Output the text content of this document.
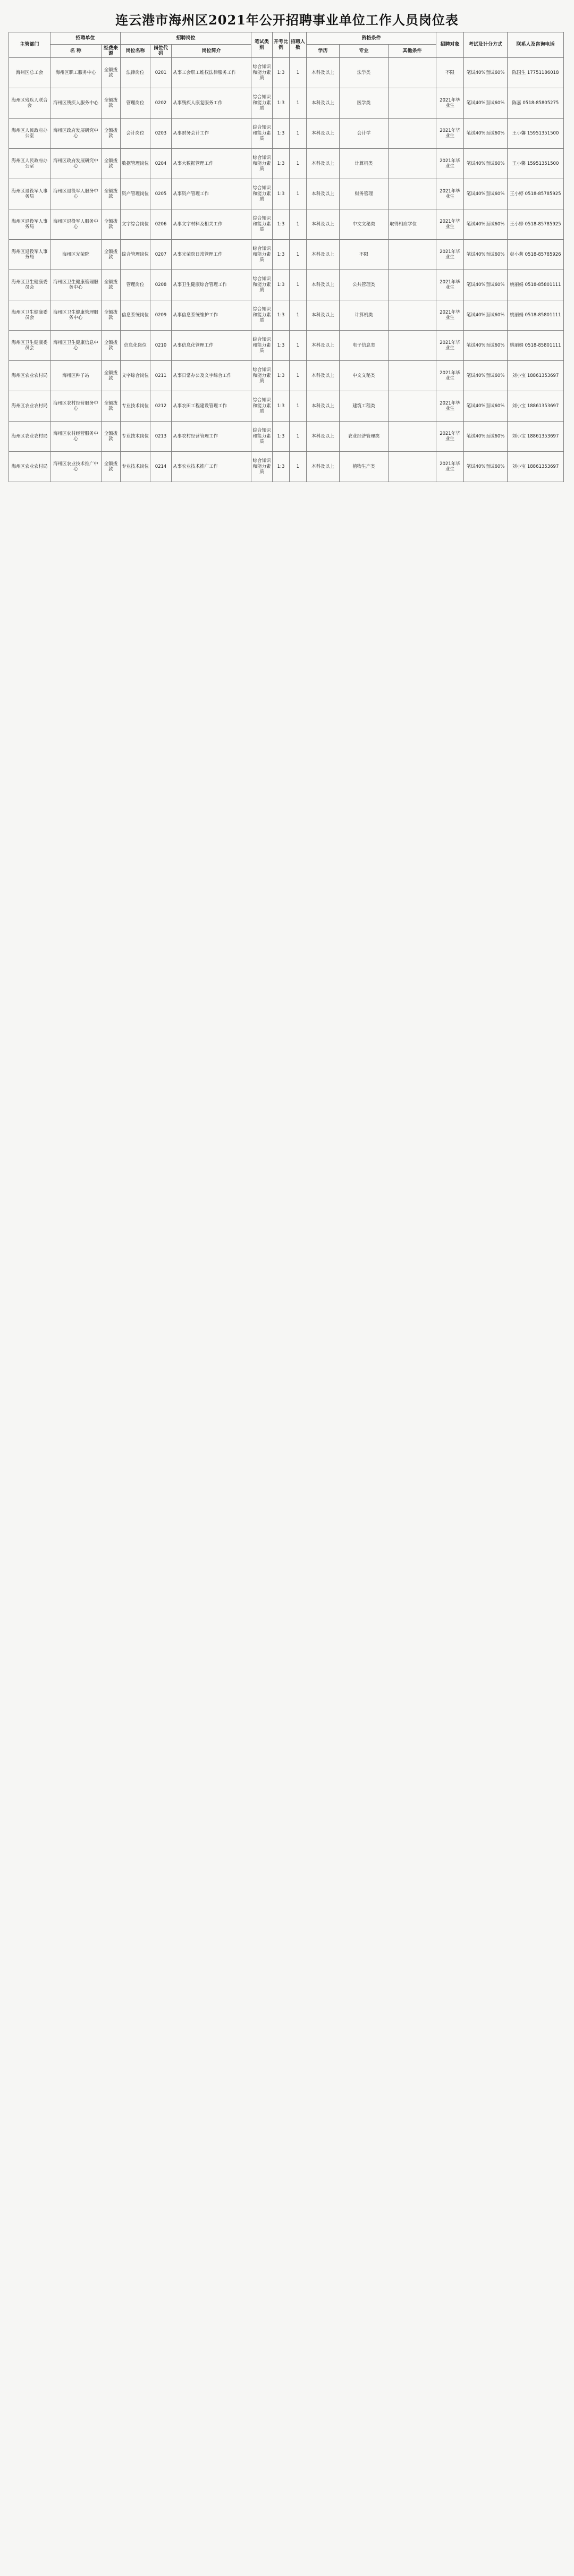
连云港市海州区2021年公开招聘事业单位工作人员岗位表
主管部门	招聘单位		招聘岗位			笔试类别	开考比例	招聘人数	资格条件			招聘对象	考试及计分方式	联系人及咨询电话
	名 称	经费来源	岗位名称	岗位代码	岗位简介				学历	专业	其他条件			
海州区总工会	海州区职工服务中心	全额拨款	法律岗位	0201	从事工会职工维权法律服务工作	综合知识和能力素质	1:3	1	本科及以上	法学类		不限	笔试40%面试60%	陈国生 17751186018
海州区残疾人联合会	海州区残疾人服务中心	全额拨款	管理岗位	0202	从事残疾人康复服务工作	综合知识和能力素质	1:3	1	本科及以上	医学类		2021年毕业生	笔试40%面试60%	陈嘉 0518-85805275
海州区人民政府办公室	海州区政府发展研究中心	全额拨款	会计岗位	0203	从事财务会计工作	综合知识和能力素质	1:3	1	本科及以上	会计学		2021年毕业生	笔试40%面试60%	王小馨 15951351500
海州区人民政府办公室	海州区政府发展研究中心	全额拨款	数据管理岗位	0204	从事大数据管理工作	综合知识和能力素质	1:3	1	本科及以上	计算机类		2021年毕业生	笔试40%面试60%	王小馨 15951351500
海州区退役军人事务局	海州区退役军人服务中心	全额拨款	资产管理岗位	0205	从事资产管理工作	综合知识和能力素质	1:3	1	本科及以上	财务管理		2021年毕业生	笔试40%面试60%	王小婷 0518-85785925
海州区退役军人事务局	海州区退役军人服务中心	全额拨款	文字综合岗位	0206	从事文字材料及相关工作	综合知识和能力素质	1:3	1	本科及以上	中文文秘类	取得相应学位	2021年毕业生	笔试40%面试60%	王小婷 0518-85785925
海州区退役军人事务局	海州区光荣院	全额拨款	综合管理岗位	0207	从事光荣院日常管理工作	综合知识和能力素质	1:3	1	本科及以上	不限		2021年毕业生	笔试40%面试60%	彭小莉 0518-85785926
海州区卫生健康委员会	海州区卫生健康管理服务中心	全额拨款	管理岗位	0208	从事卫生健康综合管理工作	综合知识和能力素质	1:3	1	本科及以上	公共管理类		2021年毕业生	笔试40%面试60%	姚丽娟 0518-85801111
海州区卫生健康委员会	海州区卫生健康管理服务中心	全额拨款	信息系统岗位	0209	从事信息系统维护工作	综合知识和能力素质	1:3	1	本科及以上	计算机类		2021年毕业生	笔试40%面试60%	姚丽娟 0518-85801111
海州区卫生健康委员会	海州区卫生健康信息中心	全额拨款	信息化岗位	0210	从事信息化管理工作	综合知识和能力素质	1:3	1	本科及以上	电子信息类		2021年毕业生	笔试40%面试60%	姚丽娟 0518-85801111
海州区农业农村局	海州区种子站	全额拨款	文字综合岗位	0211	从事日常办公及文字综合工作	综合知识和能力素质	1:3	1	本科及以上	中文文秘类		2021年毕业生	笔试40%面试60%	刘小宝 18861353697
海州区农业农村局	海州区农村经营服务中心	全额拨款	专业技术岗位	0212	从事农田工程建设管理工作	综合知识和能力素质	1:3	1	本科及以上	建筑工程类		2021年毕业生	笔试40%面试60%	刘小宝 18861353697
海州区农业农村局	海州区农村经营服务中心	全额拨款	专业技术岗位	0213	从事农村经营管理工作	综合知识和能力素质	1:3	1	本科及以上	农业经济管理类		2021年毕业生	笔试40%面试60%	刘小宝 18861353697
海州区农业农村局	海州区农业技术推广中心	全额拨款	专业技术岗位	0214	从事农业技术推广工作	综合知识和能力素质	1:3	1	本科及以上	植物生产类		2021年毕业生	笔试40%面试60%	刘小宝 18861353697
